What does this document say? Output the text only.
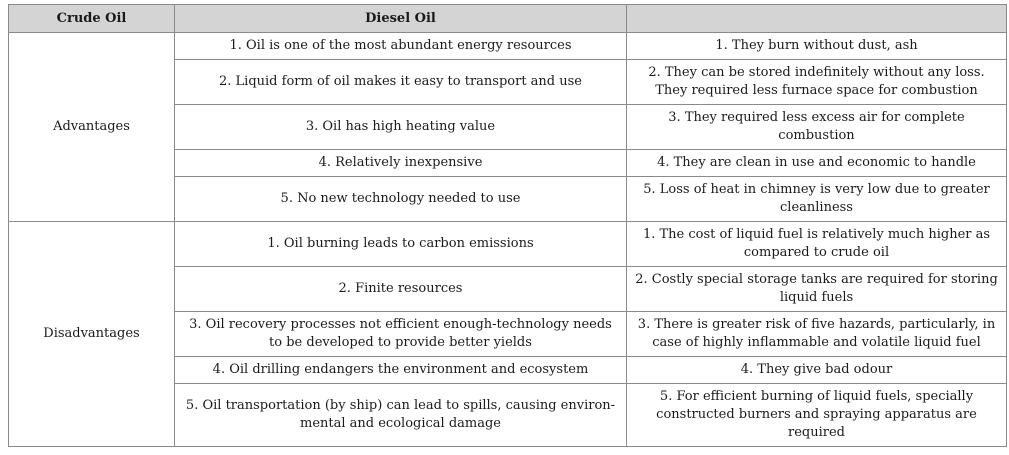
Crude Oil	Diesel Oil	
Advantages	1. Oil is one of the most abundant energy resources	1. They burn without dust, ash
	2. Liquid form of oil makes it easy to transport and use	2. They can be stored indefinitely without any loss. They required less furnace space for combustion
	3. Oil has high heating value	3. They required less excess air for complete combustion
	4. Relatively inexpensive	4. They are clean in use and economic to handle
	5. No new technology needed to use	5. Loss of heat in chimney is very low due to greater cleanliness
Disadvantages	1. Oil burning leads to carbon emissions	1. The cost of liquid fuel is relatively much higher as compared to crude oil
	2. Finite resources	2. Costly special storage tanks are required for storing liquid fuels
	3. Oil recovery processes not efficient enough-technology needs to be developed to provide better yields	3. There is greater risk of five hazards, particularly, in case of highly inflammable and volatile liquid fuel
	4. Oil drilling endangers the environment and ecosystem	4. They give bad odour
	5. Oil transportation (by ship) can lead to spills, causing environ-mental and ecological damage	5. For efficient burning of liquid fuels, specially constructed burners and spraying apparatus are required
